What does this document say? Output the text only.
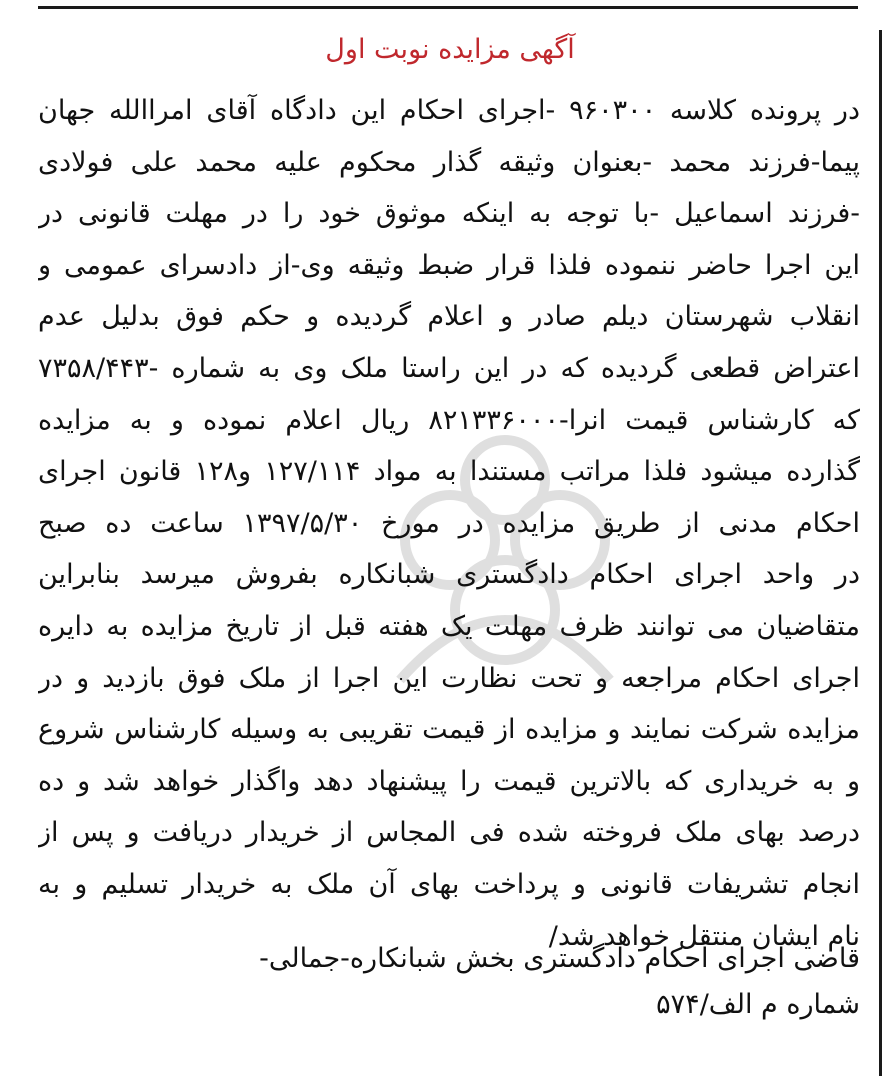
آگهی مزایده نوبت اول
در پرونده کلاسه ۹۶۰۳۰۰ -اجرای احکام این دادگاه آقای امراالله جهان
پیما-فرزند محمد -بعنوان وثیقه گذار محکوم علیه محمد علی فولادی
-فرزند اسماعیل -با توجه به اینکه موثوق خود را در مهلت قانونی در
این اجرا حاضر ننموده فلذا قرار ضبط وثیقه وی-از دادسرای عمومی و
انقلاب شهرستان دیلم صادر و اعلام گردیده و حکم فوق بدلیل عدم
اعتراض قطعی گردیده که در این راستا ملک وی به شماره -۷۳۵۸/۴۴۳
که کارشناس قیمت انرا-۸۲۱۳۳۶۰۰۰ ریال اعلام نموده و به مزایده
گذارده میشود فلذا مراتب مستندا به مواد ۱۲۷/۱۱۴ و۱۲۸ قانون اجرای
احکام مدنی از طریق مزایده در مورخ ۱۳۹۷/۵/۳۰ ساعت ده صبح
در واحد اجرای احکام دادگستری شبانکاره بفروش میرسد بنابراین
متقاضیان می توانند ظرف مهلت یک هفته قبل از تاریخ مزایده به دایره
اجرای احکام مراجعه و تحت نظارت این اجرا از ملک فوق بازدید و در
مزایده شرکت نمایند و مزایده از قیمت تقریبی به وسیله کارشناس شروع
و به خریداری که بالاترین قیمت را پیشنهاد دهد واگذار خواهد شد و ده
درصد بهای ملک فروخته شده فی المجاس از خریدار دریافت و پس از
انجام تشریفات قانونی و پرداخت بهای آن ملک به خریدار تسلیم و به
نام ایشان منتقل خواهد شد/
قاضی اجرای احکام دادگستری بخش شبانکاره-جمالی-
شماره م الف/۵۷۴
